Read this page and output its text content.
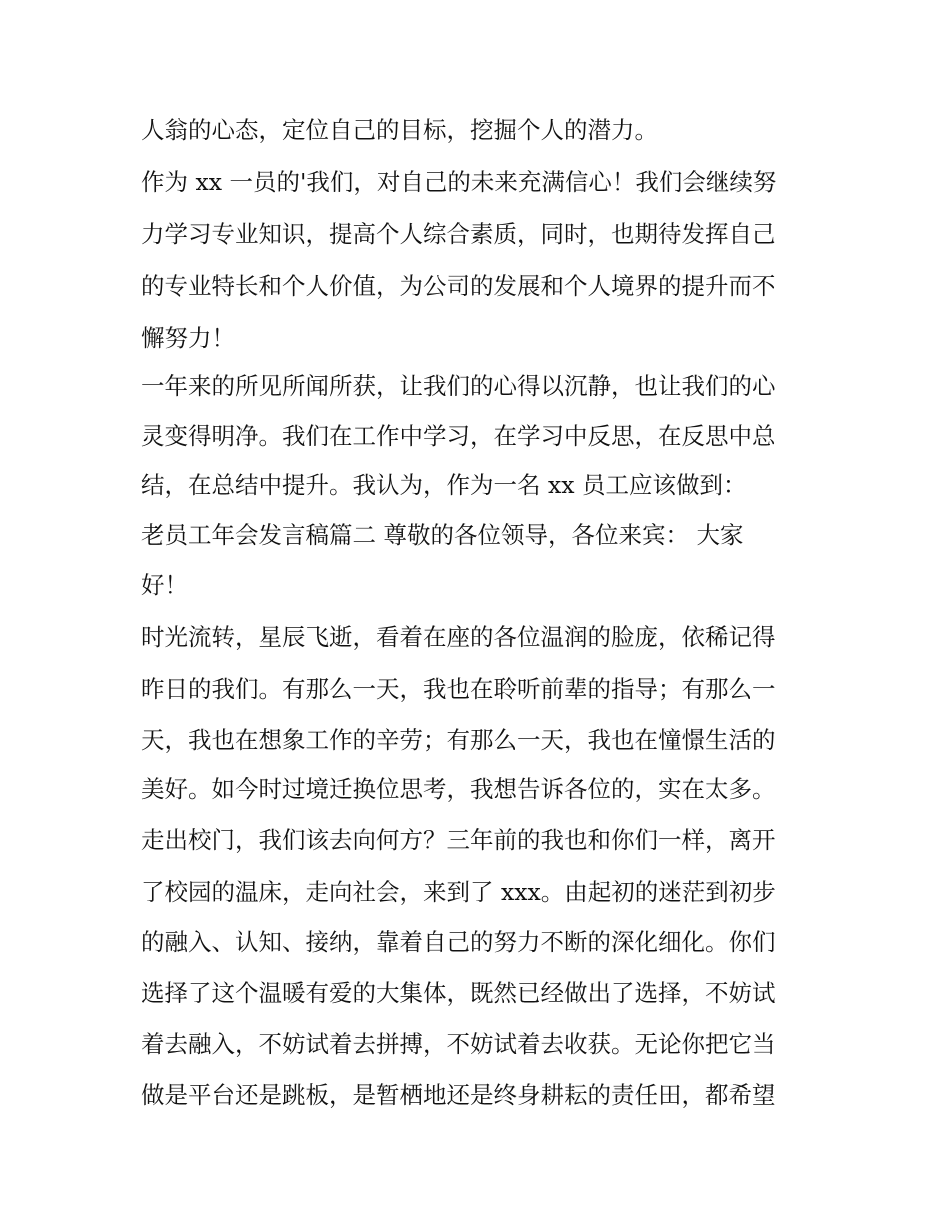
人翁的心态，定位自己的目标，挖掘个人的潜力。
作为 xx 一员的'我们，对自己的未来充满信心！我们会继续努
力学习专业知识，提高个人综合素质，同时，也期待发挥自己
的专业特长和个人价值，为公司的发展和个人境界的提升而不
懈努力！
一年来的所见所闻所获，让我们的心得以沉静，也让我们的心
灵变得明净。我们在工作中学习，在学习中反思，在反思中总
结，在总结中提升。我认为，作为一名 xx 员工应该做到：
老员工年会发言稿篇二 尊敬的各位领导，各位来宾： 大家
好！
时光流转，星辰飞逝，看着在座的各位温润的脸庞，依稀记得
昨日的我们。有那么一天，我也在聆听前辈的指导；有那么一
天，我也在想象工作的辛劳；有那么一天，我也在憧憬生活的
美好。如今时过境迁换位思考，我想告诉各位的，实在太多。
走出校门，我们该去向何方？三年前的我也和你们一样，离开
了校园的温床，走向社会，来到了 xxx。由起初的迷茫到初步
的融入、认知、接纳，靠着自己的努力不断的深化细化。你们
选择了这个温暖有爱的大集体，既然已经做出了选择，不妨试
着去融入，不妨试着去拼搏，不妨试着去收获。无论你把它当
做是平台还是跳板，是暂栖地还是终身耕耘的责任田，都希望
